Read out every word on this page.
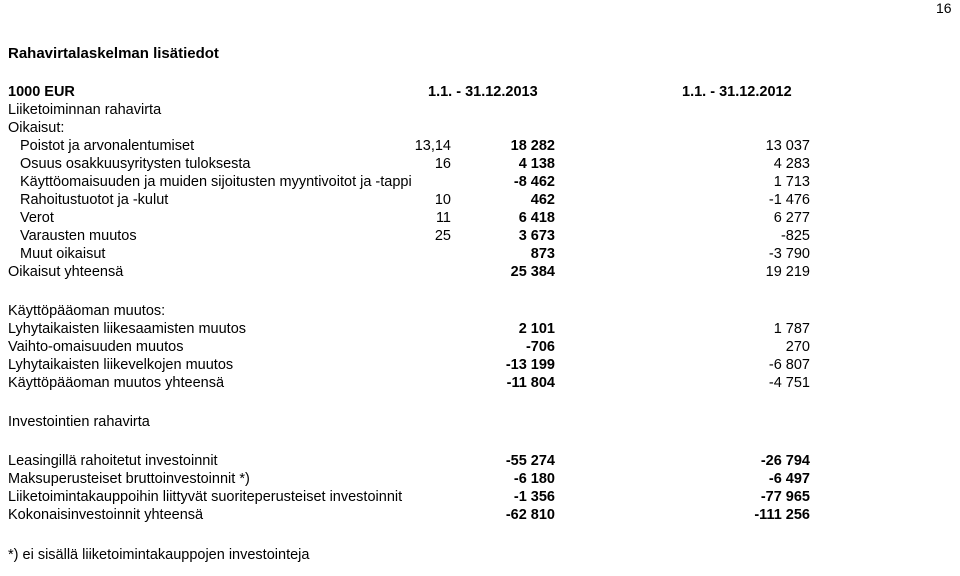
16
Rahavirtalaskelman lisätiedot
1000 EUR	1.1. - 31.12.2013	1.1. - 31.12.2012
Liiketoiminnan rahavirta
Oikaisut:
Poistot ja arvonalentumiset	13,14	18 282	13 037
Osuus osakkuusyritysten tuloksesta	16	4 138	4 283
Käyttöomaisuuden ja muiden sijoitusten myyntivoitot ja -tappi	-8 462	1 713
Rahoitustuotot ja -kulut	10	462	-1 476
Verot	11	6 418	6 277
Varausten muutos	25	3 673	-825
Muut oikaisut	873	-3 790
Oikaisut yhteensä	25 384	19 219
Käyttöpääoman muutos:
Lyhytaikaisten liikesaamisten muutos	2 101	1 787
Vaihto-omaisuuden muutos	-706	270
Lyhytaikaisten liikevelkojen muutos	-13 199	-6 807
Käyttöpääoman muutos yhteensä	-11 804	-4 751
Investointien rahavirta
Leasingillä rahoitetut investoinnit	-55 274	-26 794
Maksuperusteiset bruttoinvestoinnit *)	-6 180	-6 497
Liiketoimintakauppoihin liittyvät suoriteperusteiset investoinnit	-1 356	-77 965
Kokonaisinvestoinnit yhteensä	-62 810	-111 256
*) ei sisällä liiketoimintakauppojen investointeja
